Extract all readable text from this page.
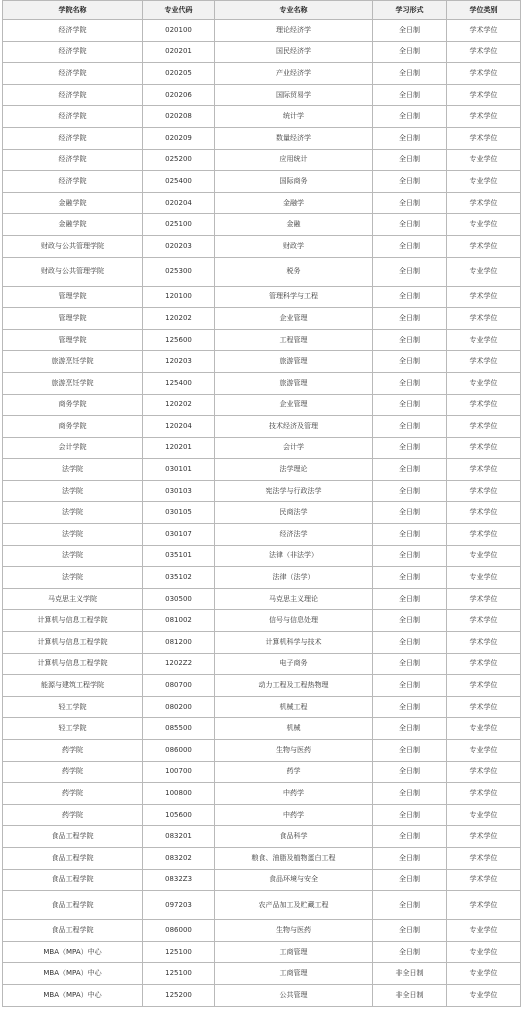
学院名称	专业代码	专业名称	学习形式	学位类别
经济学院	020100	理论经济学	全日制	学术学位
经济学院	020201	国民经济学	全日制	学术学位
经济学院	020205	产业经济学	全日制	学术学位
经济学院	020206	国际贸易学	全日制	学术学位
经济学院	020208	统计学	全日制	学术学位
经济学院	020209	数量经济学	全日制	学术学位
经济学院	025200	应用统计	全日制	专业学位
经济学院	025400	国际商务	全日制	专业学位
金融学院	020204	金融学	全日制	学术学位
金融学院	025100	金融	全日制	专业学位
财政与公共管理学院	020203	财政学	全日制	学术学位
财政与公共管理学院	025300	税务	全日制	专业学位
管理学院	120100	管理科学与工程	全日制	学术学位
管理学院	120202	企业管理	全日制	学术学位
管理学院	125600	工程管理	全日制	专业学位
旅游烹饪学院	120203	旅游管理	全日制	学术学位
旅游烹饪学院	125400	旅游管理	全日制	专业学位
商务学院	120202	企业管理	全日制	学术学位
商务学院	120204	技术经济及管理	全日制	学术学位
会计学院	120201	会计学	全日制	学术学位
法学院	030101	法学理论	全日制	学术学位
法学院	030103	宪法学与行政法学	全日制	学术学位
法学院	030105	民商法学	全日制	学术学位
法学院	030107	经济法学	全日制	学术学位
法学院	035101	法律（非法学）	全日制	专业学位
法学院	035102	法律（法学）	全日制	专业学位
马克思主义学院	030500	马克思主义理论	全日制	学术学位
计算机与信息工程学院	081002	信号与信息处理	全日制	学术学位
计算机与信息工程学院	081200	计算机科学与技术	全日制	学术学位
计算机与信息工程学院	1202Z2	电子商务	全日制	学术学位
能源与建筑工程学院	080700	动力工程及工程热物理	全日制	学术学位
轻工学院	080200	机械工程	全日制	学术学位
轻工学院	085500	机械	全日制	专业学位
药学院	086000	生物与医药	全日制	专业学位
药学院	100700	药学	全日制	学术学位
药学院	100800	中药学	全日制	学术学位
药学院	105600	中药学	全日制	专业学位
食品工程学院	083201	食品科学	全日制	学术学位
食品工程学院	083202	粮食、油脂及植物蛋白工程	全日制	学术学位
食品工程学院	0832Z3	食品环境与安全	全日制	学术学位
食品工程学院	097203	农产品加工及贮藏工程	全日制	学术学位
食品工程学院	086000	生物与医药	全日制	专业学位
MBA（MPA）中心	125100	工商管理	全日制	专业学位
MBA（MPA）中心	125100	工商管理	非全日制	专业学位
MBA（MPA）中心	125200	公共管理	非全日制	专业学位
